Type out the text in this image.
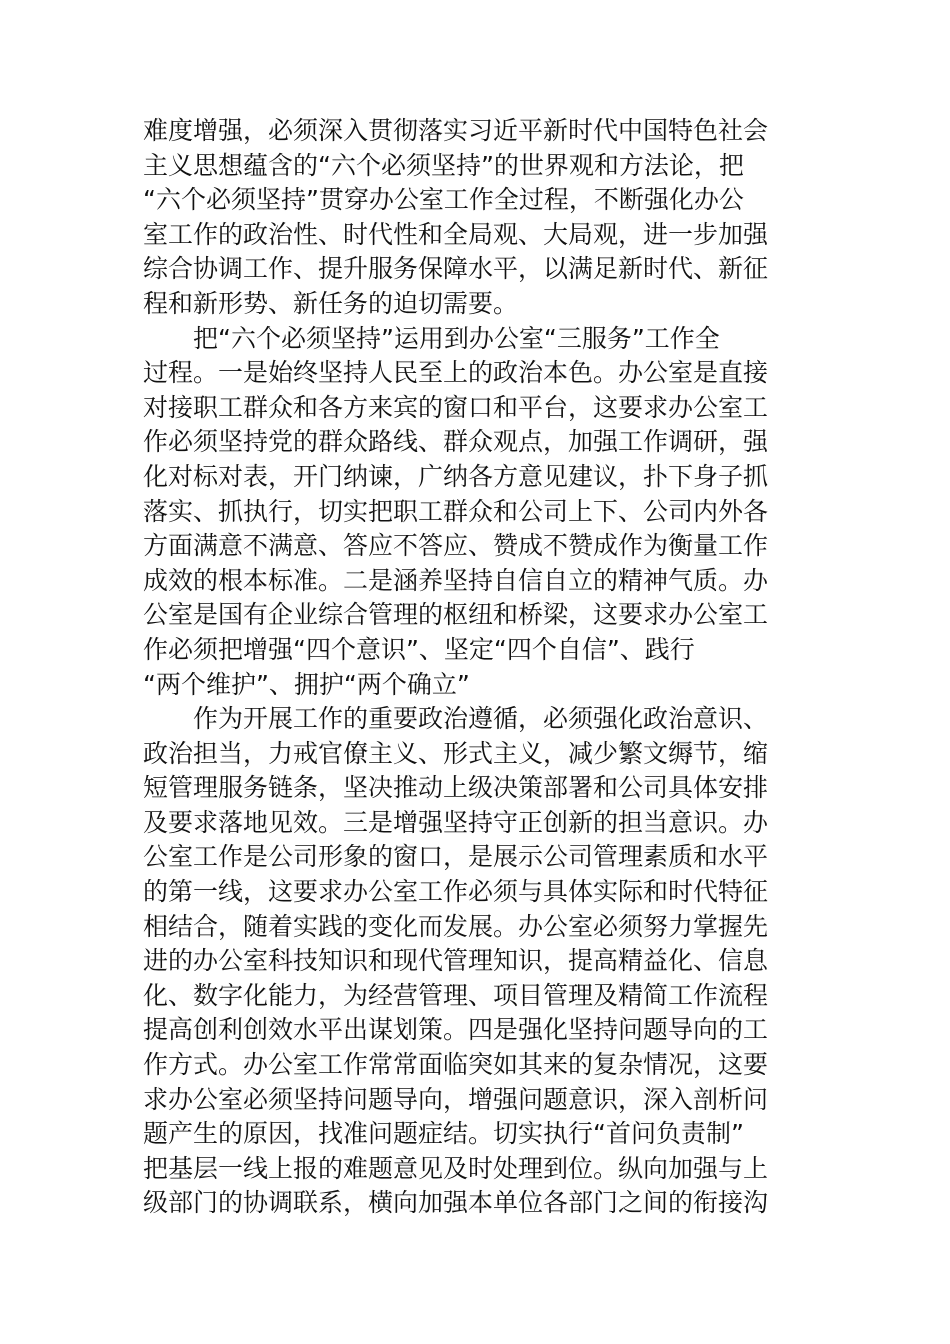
难度增强，必须深入贯彻落实习近平新时代中国特色社会
主义思想蕴含的“六个必须坚持”的世界观和方法论，把
“六个必须坚持”贯穿办公室工作全过程，不断强化办公
室工作的政治性、时代性和全局观、大局观，进一步加强
综合协调工作、提升服务保障水平，以满足新时代、新征
程和新形势、新任务的迫切需要。
　　把“六个必须坚持”运用到办公室“三服务”工作全
过程。一是始终坚持人民至上的政治本色。办公室是直接
对接职工群众和各方来宾的窗口和平台，这要求办公室工
作必须坚持党的群众路线、群众观点，加强工作调研，强
化对标对表，开门纳谏，广纳各方意见建议，扑下身子抓
落实、抓执行，切实把职工群众和公司上下、公司内外各
方面满意不满意、答应不答应、赞成不赞成作为衡量工作
成效的根本标准。二是涵养坚持自信自立的精神气质。办
公室是国有企业综合管理的枢纽和桥梁，这要求办公室工
作必须把增强“四个意识”、坚定“四个自信”、践行
“两个维护”、拥护“两个确立”
　　作为开展工作的重要政治遵循，必须强化政治意识、
政治担当，力戒官僚主义、形式主义，减少繁文缛节，缩
短管理服务链条，坚决推动上级决策部署和公司具体安排
及要求落地见效。三是增强坚持守正创新的担当意识。办
公室工作是公司形象的窗口，是展示公司管理素质和水平
的第一线，这要求办公室工作必须与具体实际和时代特征
相结合，随着实践的变化而发展。办公室必须努力掌握先
进的办公室科技知识和现代管理知识，提高精益化、信息
化、数字化能力，为经营管理、项目管理及精简工作流程
提高创利创效水平出谋划策。四是强化坚持问题导向的工
作方式。办公室工作常常面临突如其来的复杂情况，这要
求办公室必须坚持问题导向，增强问题意识，深入剖析问
题产生的原因，找准问题症结。切实执行“首问负责制”
把基层一线上报的难题意见及时处理到位。纵向加强与上
级部门的协调联系，横向加强本单位各部门之间的衔接沟
